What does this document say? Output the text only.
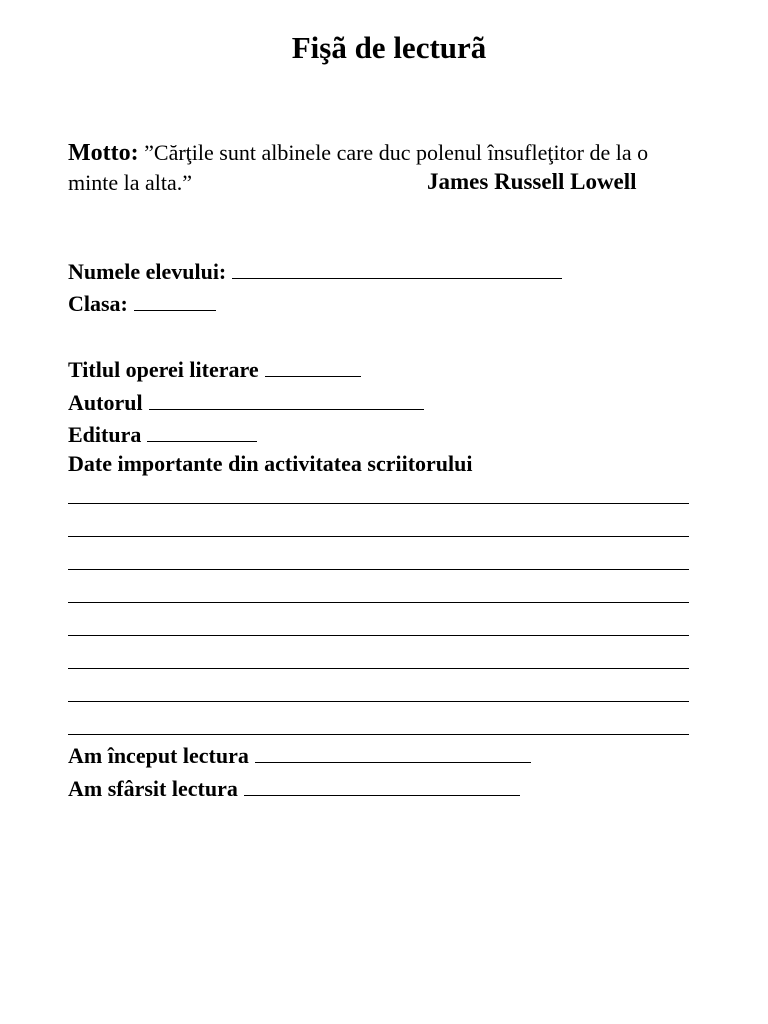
Fişã de lecturã
Motto: ”Cărţile sunt albinele care duc polenul însufleţitor de la o minte la alta.”	James Russell Lowell
Numele elevului:
Clasa:
Titlul operei literare
Autorul
Editura
Date importante din activitatea scriitorului
Am început lectura
Am sfârsit lectura
